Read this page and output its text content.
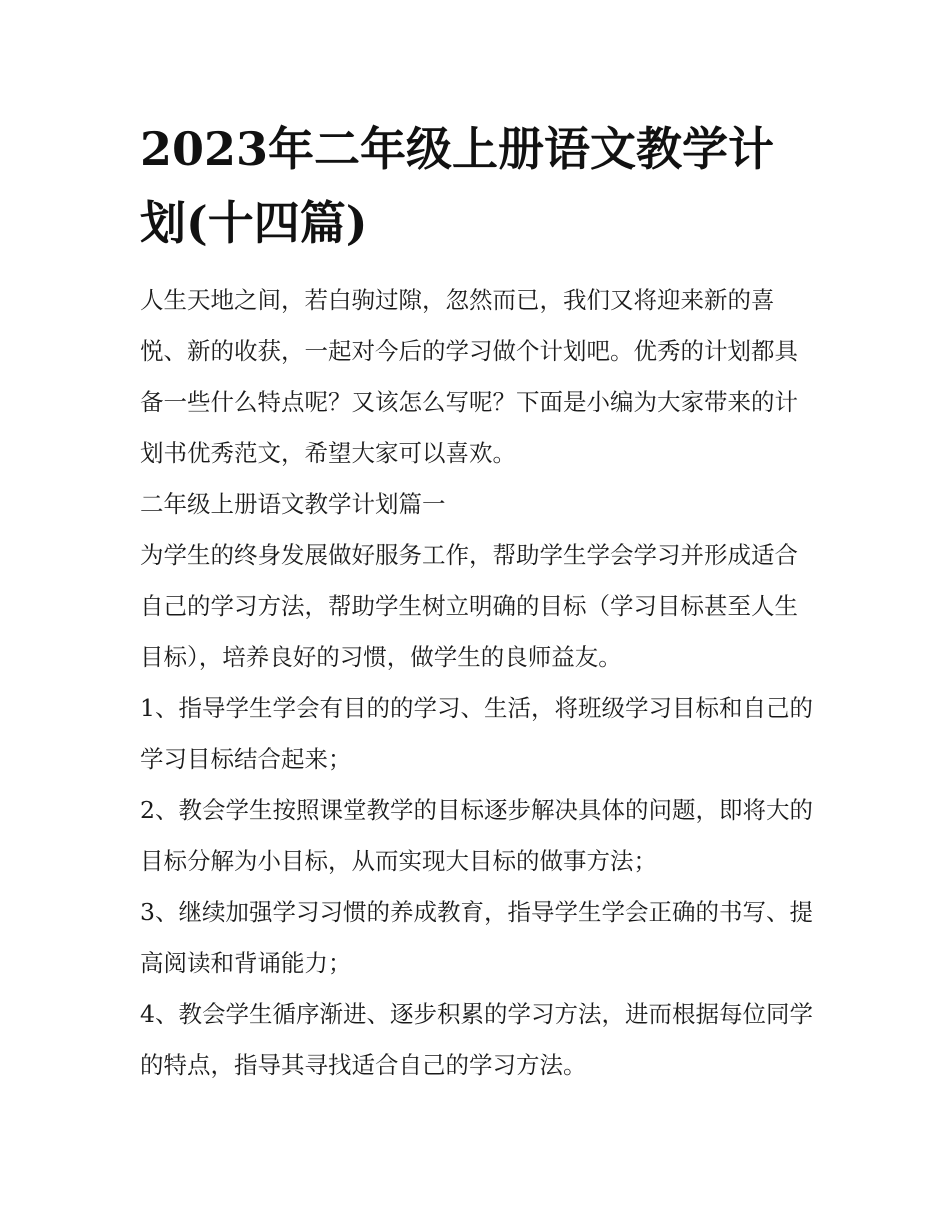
2023年二年级上册语文教学计划(十四篇)

人生天地之间，若白驹过隙，忽然而已，我们又将迎来新的喜悦、新的收获，一起对今后的学习做个计划吧。优秀的计划都具备一些什么特点呢？又该怎么写呢？下面是小编为大家带来的计划书优秀范文，希望大家可以喜欢。

二年级上册语文教学计划篇一

为学生的终身发展做好服务工作，帮助学生学会学习并形成适合自己的学习方法，帮助学生树立明确的目标（学习目标甚至人生目标），培养良好的习惯，做学生的良师益友。

1、指导学生学会有目的的学习、生活，将班级学习目标和自己的学习目标结合起来；

2、教会学生按照课堂教学的目标逐步解决具体的问题，即将大的目标分解为小目标，从而实现大目标的做事方法；

3、继续加强学习习惯的养成教育，指导学生学会正确的书写、提高阅读和背诵能力；

4、教会学生循序渐进、逐步积累的学习方法，进而根据每位同学的特点，指导其寻找适合自己的学习方法。
